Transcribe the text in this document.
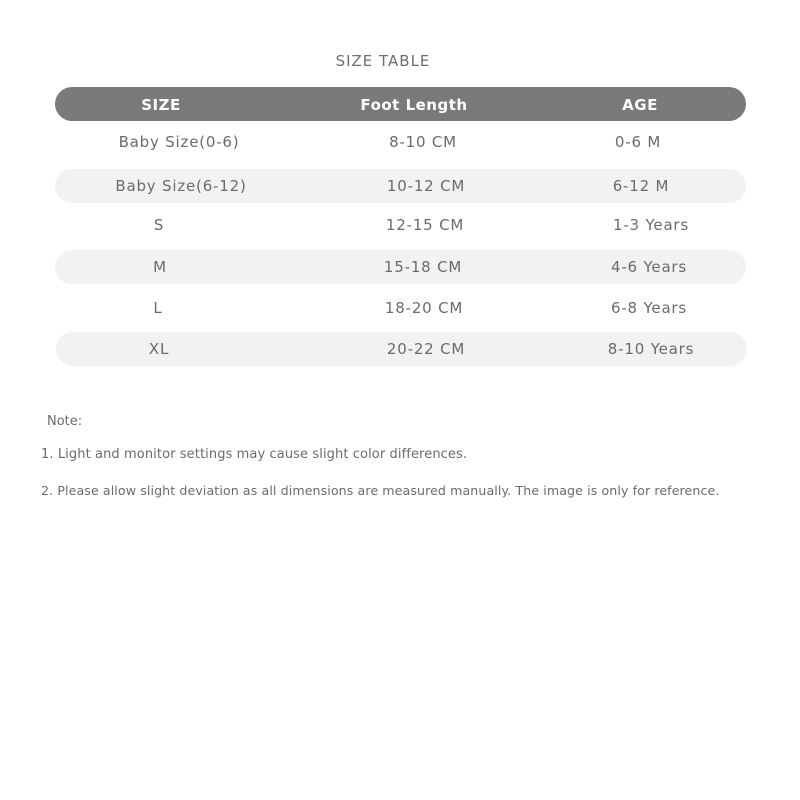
SIZE TABLE
SIZE	Foot Length	AGE
Baby Size(0-6)	8-10 CM	0-6 M
Baby Size(6-12)	10-12 CM	6-12 M
S	12-15 CM	1-3 Years
M	15-18 CM	4-6 Years
L	18-20 CM	6-8 Years
XL	20-22 CM	8-10 Years
Note:
1. Light and monitor settings may cause slight color differences.
2. Please allow slight deviation as all dimensions are measured manually. The image is only for reference.
